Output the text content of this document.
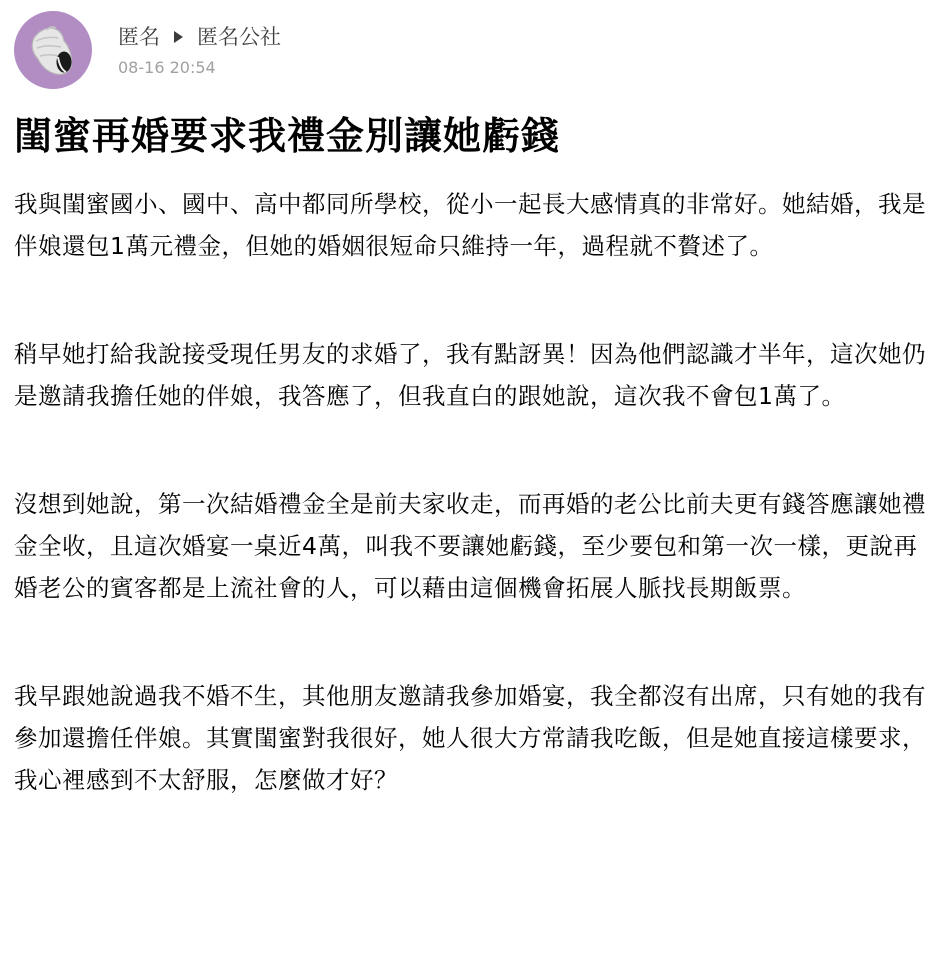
匿名 匿名公社
08-16 20:54
閨蜜再婚要求我禮金別讓她虧錢

我與閨蜜國小、國中、高中都同所學校，從小一起長大感情真的非常好。她結婚，我是伴娘還包1萬元禮金，但她的婚姻很短命只維持一年，過程就不贅述了。

稍早她打給我說接受現任男友的求婚了，我有點訝異！因為他們認識才半年，這次她仍是邀請我擔任她的伴娘，我答應了，但我直白的跟她說，這次我不會包1萬了。

沒想到她說，第一次結婚禮金全是前夫家收走，而再婚的老公比前夫更有錢答應讓她禮金全收，且這次婚宴一桌近4萬，叫我不要讓她虧錢，至少要包和第一次一樣，更說再婚老公的賓客都是上流社會的人，可以藉由這個機會拓展人脈找長期飯票。

我早跟她說過我不婚不生，其他朋友邀請我參加婚宴，我全都沒有出席，只有她的我有參加還擔任伴娘。其實閨蜜對我很好，她人很大方常請我吃飯，但是她直接這樣要求，我心裡感到不太舒服，怎麼做才好？
